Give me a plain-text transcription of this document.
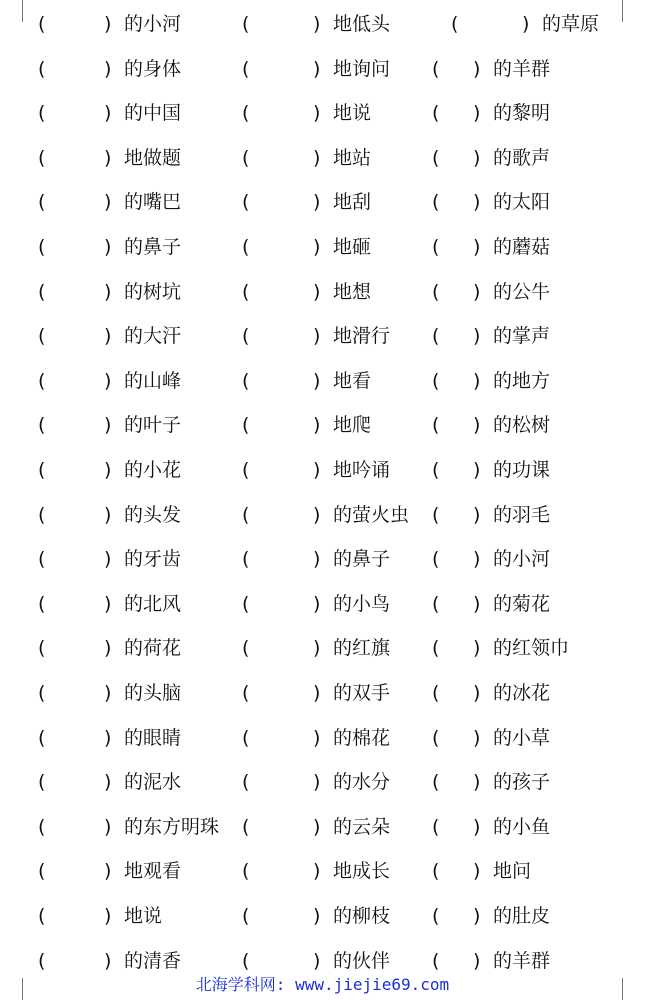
(	) 的小河	(	) 地低头	(	) 的草原
(	) 的身体	(	) 地询问 ( ) 的羊群
(	) 的中国	(	) 地说	( ) 的黎明
(	) 地做题	(	) 地站	( ) 的歌声
(	) 的嘴巴	(	) 地刮	( ) 的太阳
(	) 的鼻子	(	) 地砸	( ) 的蘑菇
(	) 的树坑	(	) 地想	( ) 的公牛
(	) 的大汗	(	) 地滑行 ( ) 的掌声
(	) 的山峰	(	) 地看	( ) 的地方
(	) 的叶子	(	) 地爬	( ) 的松树
(	) 的小花	(	) 地吟诵 ( ) 的功课
(	) 的头发	(	) 的萤火虫 ( ) 的羽毛
(	) 的牙齿	(	) 的鼻子 ( ) 的小河
(	) 的北风	(	) 的小鸟 ( ) 的菊花
(	) 的荷花	(	) 的红旗 ( ) 的红领巾
(	) 的头脑	(	) 的双手 ( ) 的冰花
(	) 的眼睛	(	) 的棉花 ( ) 的小草
(	) 的泥水	(	) 的水分 ( ) 的孩子
(	) 的东方明珠 (	) 的云朵 ( ) 的小鱼
(	) 地观看	(	) 地成长 ( ) 地问
(	) 地说	(	) 的柳枝 ( ) 的肚皮
(	) 的清香	(	) 的伙伴 ( ) 的羊群
北海学科网: www.jiejie69.com
